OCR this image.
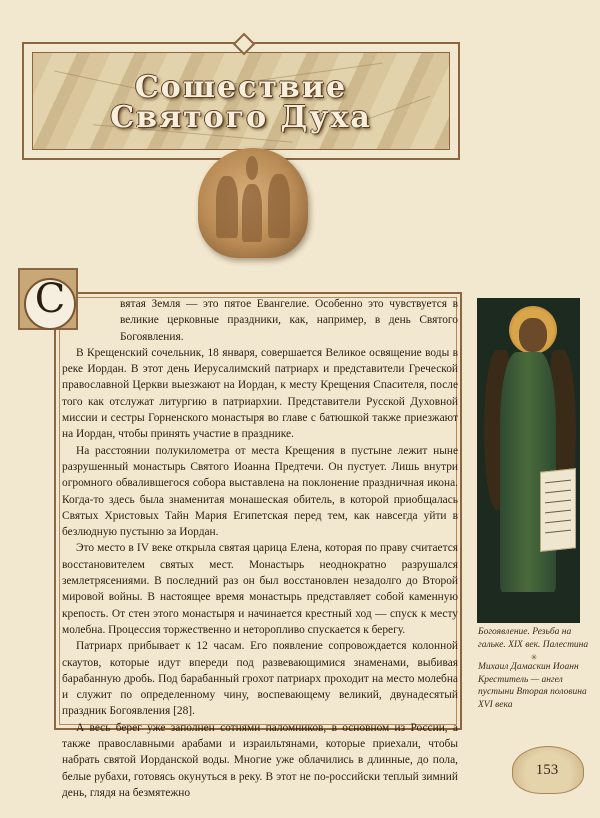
Сошествие
Святого Духа
С	вятая Земля — это пятое Евангелие. Особенно это чувствуется в великие церковные праздники, как, например, в день Святого Богоявления.

В Крещенский сочельник, 18 января, совершается Великое освящение воды в реке Иордан. В этот день Иерусалимский патриарх и представители Греческой православной Церкви выезжают на Иордан, к месту Крещения Спасителя, после того как отслужат литургию в патриархии. Представители Русской Духовной миссии и сестры Горненского монастыря во главе с батюшкой также приезжают на Иордан, чтобы принять участие в празднике.

На расстоянии полукилометра от места Крещения в пустыне лежит ныне разрушенный монастырь Святого Иоанна Предтечи. Он пустует. Лишь внутри огромного обвалившегося собора выставлена на поклонение праздничная икона. Когда-то здесь была знаменитая монашеская обитель, в которой приобщалась Святых Христовых Тайн Мария Египетская перед тем, как навсегда уйти в безлюдную пустыню за Иордан.

Это место в IV веке открыла святая царица Елена, которая по праву считается восстановителем святых мест. Монастырь неоднократно разрушался землетрясениями. В последний раз он был восстановлен незадолго до Второй мировой войны. В настоящее время монастырь представляет собой каменную крепость. От стен этого монастыря и начинается крестный ход — спуск к месту молебна. Процессия торжественно и неторопливо спускается к берегу.

Патриарх прибывает к 12 часам. Его появление сопровождается колонной скаутов, которые идут впереди под развевающимися знаменами, выбивая барабанную дробь. Под барабанный грохот патриарх проходит на место молебна и служит по определенному чину, воспевающему великий, двунадесятый праздник Богоявления [28].

А весь берег уже заполнен сотнями паломников, в основном из России, а также православными арабами и израильтянами, которые приехали, чтобы набрать святой Иорданской воды. Многие уже облачились в длинные, до пола, белые рубахи, готовясь окунуться в реку. В этот не по-российски теплый зимний день, глядя на безмятежно

Богоявление. Резьба на гальке. XIX век. Палестина
✳
Михаил Дамаскин Иоанн Креститель — ангел пустыни Вторая половина XVI века
153
